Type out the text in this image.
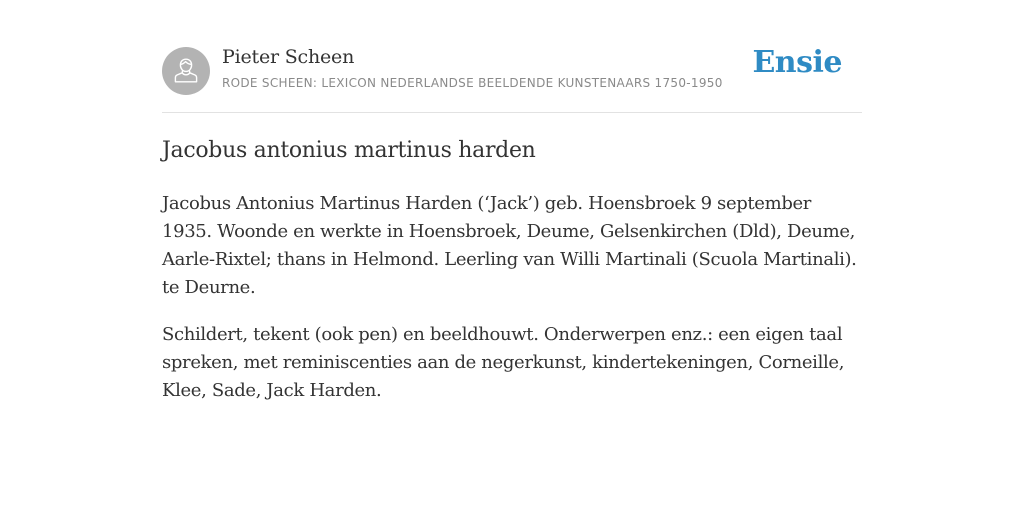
Pieter Scheen
RODE SCHEEN: LEXICON NEDERLANDSE BEELDENDE KUNSTENAARS 1750-1950
Ensie
Jacobus antonius martinus harden

Jacobus Antonius Martinus Harden (‘Jack’) geb. Hoensbroek 9 september 1935. Woonde en werkte in Hoensbroek, Deume, Gelsenkirchen (Dld), Deume, Aarle-Rixtel; thans in Helmond. Leerling van Willi Martinali (Scuola Martinali). te Deurne.

Schildert, tekent (ook pen) en beeldhouwt. Onderwerpen enz.: een eigen taal spreken, met reminiscenties aan de negerkunst, kindertekeningen, Corneille, Klee, Sade, Jack Harden.
